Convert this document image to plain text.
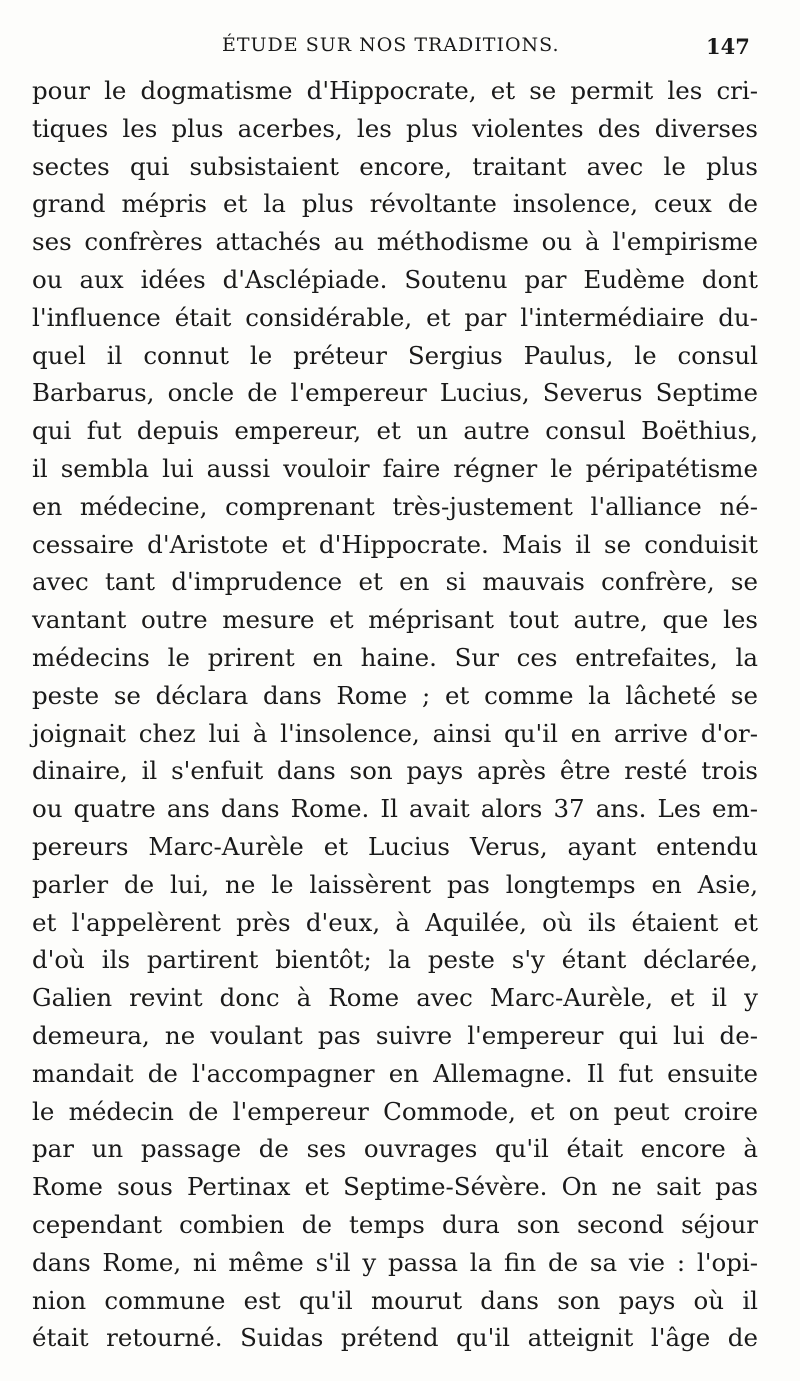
ÉTUDE SUR NOS TRADITIONS.	147
pour le dogmatisme d'Hippocrate, et se permit les cri-
tiques les plus acerbes, les plus violentes des diverses
sectes qui subsistaient encore, traitant avec le plus
grand mépris et la plus révoltante insolence, ceux de
ses confrères attachés au méthodisme ou à l'empirisme
ou aux idées d'Asclépiade. Soutenu par Eudème dont
l'influence était considérable, et par l'intermédiaire du-
quel il connut le préteur Sergius Paulus, le consul
Barbarus, oncle de l'empereur Lucius, Severus Septime
qui fut depuis empereur, et un autre consul Boëthius,
il sembla lui aussi vouloir faire régner le péripatétisme
en médecine, comprenant très-justement l'alliance né-
cessaire d'Aristote et d'Hippocrate. Mais il se conduisit
avec tant d'imprudence et en si mauvais confrère, se
vantant outre mesure et méprisant tout autre, que les
médecins le prirent en haine. Sur ces entrefaites, la
peste se déclara dans Rome ; et comme la lâcheté se
joignait chez lui à l'insolence, ainsi qu'il en arrive d'or-
dinaire, il s'enfuit dans son pays après être resté trois
ou quatre ans dans Rome. Il avait alors 37 ans. Les em-
pereurs Marc-Aurèle et Lucius Verus, ayant entendu
parler de lui, ne le laissèrent pas longtemps en Asie,
et l'appelèrent près d'eux, à Aquilée, où ils étaient et
d'où ils partirent bientôt; la peste s'y étant déclarée,
Galien revint donc à Rome avec Marc-Aurèle, et il y
demeura, ne voulant pas suivre l'empereur qui lui de-
mandait de l'accompagner en Allemagne. Il fut ensuite
le médecin de l'empereur Commode, et on peut croire
par un passage de ses ouvrages qu'il était encore à
Rome sous Pertinax et Septime-Sévère. On ne sait pas
cependant combien de temps dura son second séjour
dans Rome, ni même s'il y passa la fin de sa vie : l'opi-
nion commune est qu'il mourut dans son pays où il
était retourné. Suidas prétend qu'il atteignit l'âge de
